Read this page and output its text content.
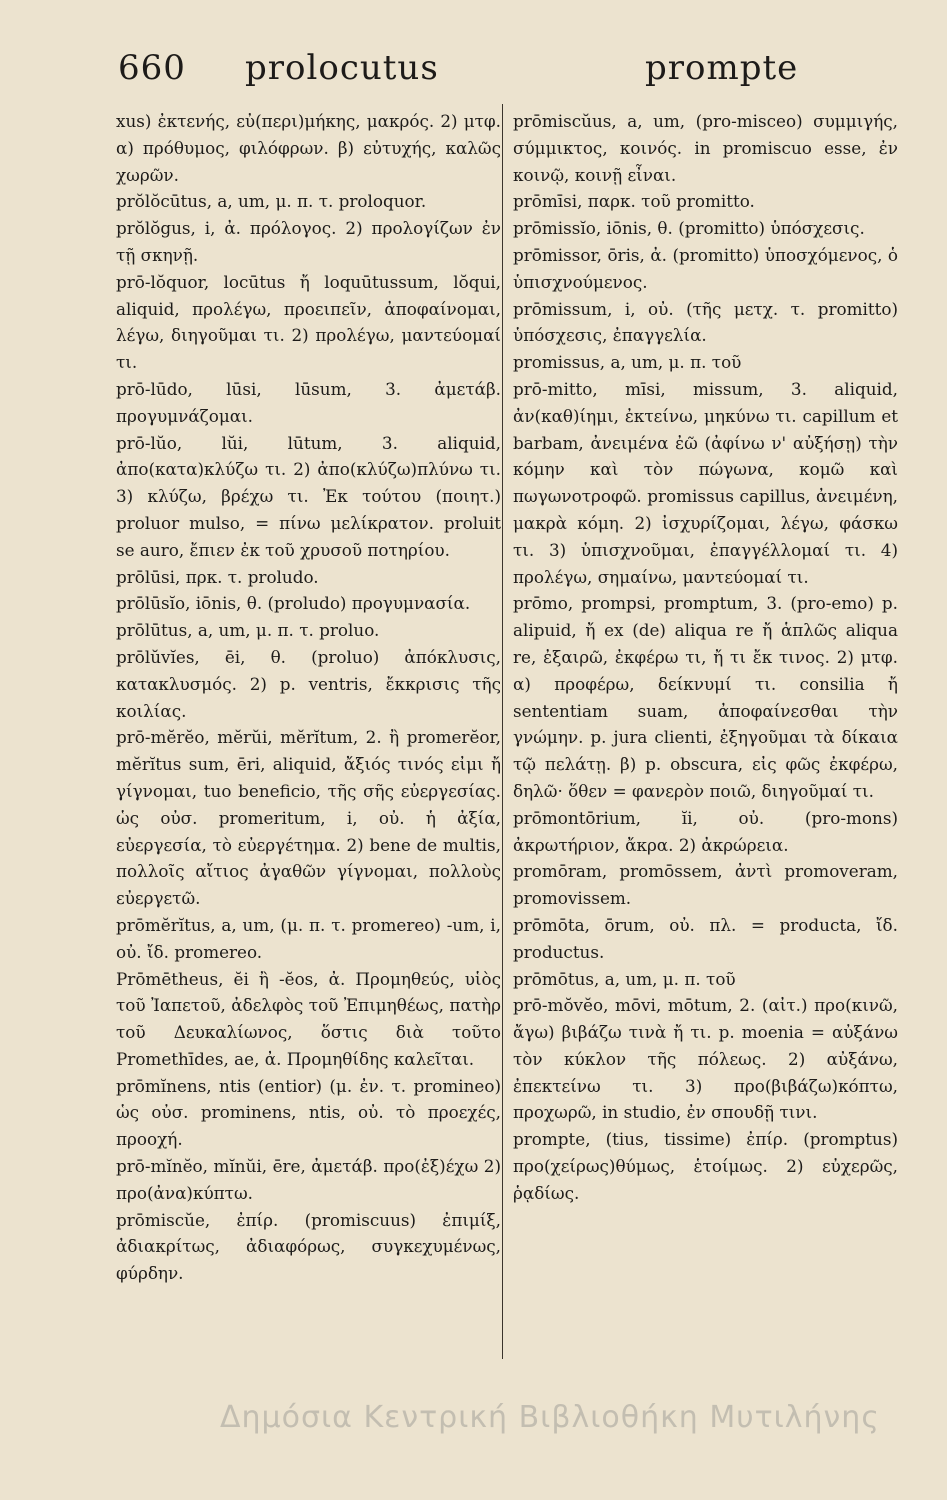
660 prolocutus	prompte

xus) ἐκτενής, εὐ(περι)μήκης, μακρός. 2) μτφ. α) πρόθυμος, φιλόφρων. β) εὐτυχής, καλῶς χωρῶν.

prŏlŏcūtus, a, um, μ. π. τ. proloquor.

prŏlŏgus, i, ἀ. πρόλογος. 2) προλογίζων ἐν τῇ σκηνῇ.

prō-lŏquor, locūtus ἤ loquūtussum, lŏqui, aliquid, προλέγω, προειπεῖν, ἀποφαίνομαι, λέγω, διηγοῦμαι τι. 2) προλέγω, μαντεύομαί τι.

prō-lūdo, lūsi, lūsum, 3. ἀμετάβ. προγυμνάζομαι.

prō-lŭo, lŭi, lūtum, 3. aliquid, ἀπο(κατα)κλύζω τι. 2) ἀπο(κλύζω)πλύνω τι. 3) κλύζω, βρέχω τι. Ἐκ τούτου (ποιητ.) proluor mulso, = πίνω μελίκρατον. proluit se auro, ἔπιεν ἐκ τοῦ χρυσοῦ ποτηρίου.

prōlūsi, πρκ. τ. proludo.

prōlūsĭo, iōnis, θ. (proludo) προγυμνασία.

prōlūtus, a, um, μ. π. τ. proluo.

prōlŭvĭes, ēi, θ. (proluo) ἀπόκλυσις, κατακλυσμός. 2) p. ventris, ἔκκρισις τῆς κοιλίας.

prō-mĕrĕo, mĕrŭi, mĕrĭtum, 2. ἢ promerĕor, mĕrĭtus sum, ēri, aliquid, ἄξιός τινός εἰμι ἤ γίγνομαι, tuo beneficio, τῆς σῆς εὐεργεσίας. ὡς οὐσ. promeritum, i, οὐ. ἡ ἀξία, εὐεργεσία, τὸ εὐεργέτημα. 2) bene de multis, πολλοῖς αἴτιος ἀγαθῶν γίγνομαι, πολλοὺς εὐεργετῶ.

prōmĕrĭtus, a, um, (μ. π. τ. promereo) -um, i, οὐ. ἴδ. promereo.

Prōmētheus, ĕi ἢ -ĕos, ἀ. Προμηθεύς, υἱὸς τοῦ Ἰαπετοῦ, ἀδελφὸς τοῦ Ἐπιμηθέως, πατὴρ τοῦ Δευκαλίωνος, ὅστις διὰ τοῦτο Promethīdes, ae, ἀ. Προμηθίδης καλεῖται.

prōmĭnens, ntis (entior) (μ. ἐν. τ. promineo) ὡς οὐσ. prominens, ntis, οὐ. τὸ προεχές, προοχή.

prō-mĭnĕo, mĭnŭi, ēre, ἀμετάβ. προ(ἐξ)έχω 2) προ(ἀνα)κύπτω.

prōmiscŭe, ἐπίρ. (promiscuus) ἐπιμίξ, ἀδιακρίτως, ἀδιαφόρως, συγκεχυμένως, φύρδην.

prōmiscŭus, a, um, (pro-misceo) συμμιγής, σύμμικτος, κοινός. in promiscuo esse, ἐν κοινῷ, κοινῇ εἶναι.

prōmīsi, παρκ. τοῦ promitto.

prōmissĭo, iōnis, θ. (promitto) ὑπόσχεσις.

prōmissor, ōris, ἀ. (promitto) ὑποσχόμενος, ὁ ὑπισχνούμενος.

prōmissum, i, οὐ. (τῆς μετχ. τ. promitto) ὑπόσχεσις, ἐπαγγελία.

promissus, a, um, μ. π. τοῦ

prō-mitto, mīsi, missum, 3. aliquid, ἀν(καθ)ίημι, ἐκτείνω, μηκύνω τι. capillum et barbam, ἀνειμένα ἐῶ (ἀφίνω ν' αὐξήσῃ) τὴν κόμην καὶ τὸν πώγωνα, κομῶ καὶ πωγωνοτροφῶ. promissus capillus, ἀνειμένη, μακρὰ κόμη. 2) ἰσχυρίζομαι, λέγω, φάσκω τι. 3) ὑπισχνοῦμαι, ἐπαγγέλλομαί τι. 4) προλέγω, σημαίνω, μαντεύομαί τι.

prōmo, prompsi, promptum, 3. (pro-emo) p. alipuid, ἤ ex (de) aliqua re ἤ ἁπλῶς aliqua re, ἐξαιρῶ, ἐκφέρω τι, ἤ τι ἔκ τινος. 2) μτφ. α) προφέρω, δείκνυμί τι. consilia ἤ sententiam suam, ἀποφαίνεσθαι τὴν γνώμην. p. jura clienti, ἐξηγοῦμαι τὰ δίκαια τῷ πελάτῃ. β) p. obscura, εἰς φῶς ἐκφέρω, δηλῶ· ὅθεν = φανερὸν ποιῶ, διηγοῦμαί τι.

prōmontōrium, ĭi, οὐ. (pro-mons) ἀκρωτήριον, ἄκρα. 2) ἀκρώρεια.

promōram, promōssem, ἀντὶ promoveram, promovissem.

prōmōta, ōrum, οὐ. πλ. = producta, ἴδ. productus.

prōmōtus, a, um, μ. π. τοῦ

prō-mŏvĕo, mōvi, mōtum, 2. (αἰτ.) προ(κινῶ, ἄγω) βιβάζω τινὰ ἤ τι. p. moenia = αὐξάνω τὸν κύκλον τῆς πόλεως. 2) αὐξάνω, ἐπεκτείνω τι. 3) προ(βιβάζω)κόπτω, προχωρῶ, in studio, ἐν σπουδῇ τινι.

prompte, (tius, tissime) ἐπίρ. (promptus) προ(χείρως)θύμως, ἑτοίμως. 2) εὐχερῶς, ῥᾳδίως.

Δημόσια Κεντρική Βιβλιοθήκη Μυτιλήνης
